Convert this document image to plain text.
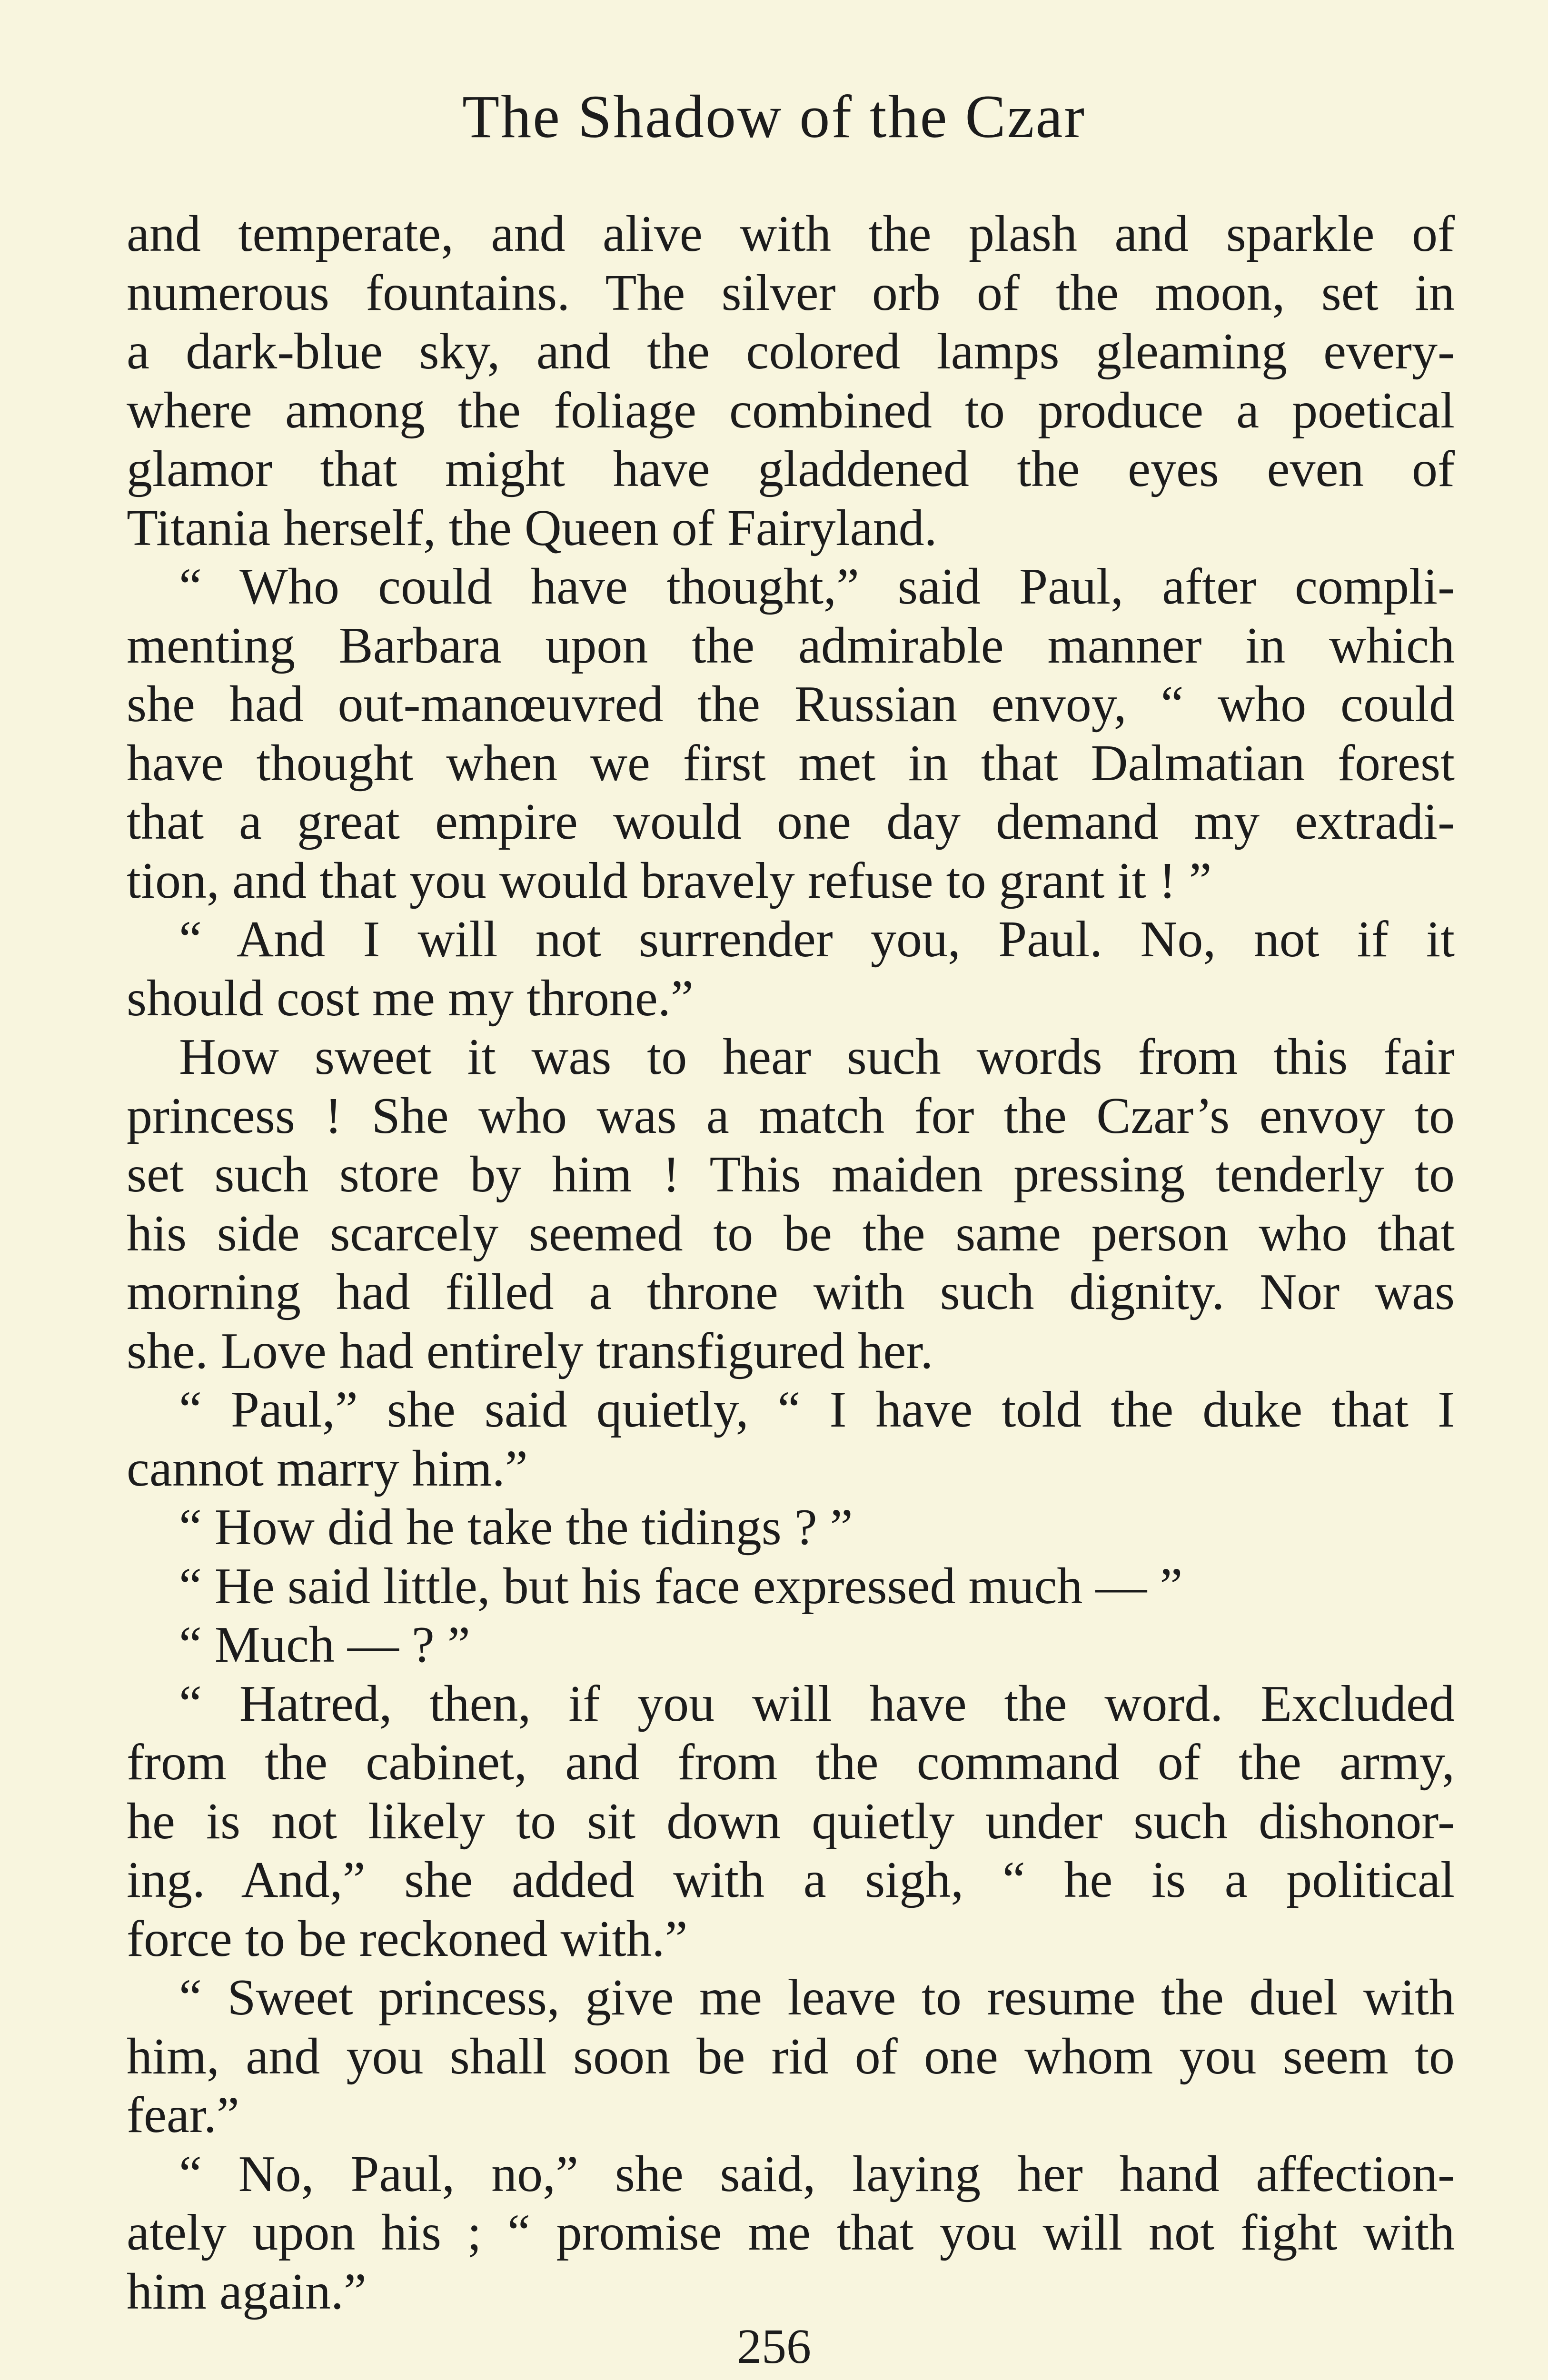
The Shadow of the Czar
and temperate, and alive with the plash and sparkle of
numerous fountains. The silver orb of the moon, set in
a dark-blue sky, and the colored lamps gleaming every-
where among the foliage combined to produce a poetical
glamor that might have gladdened the eyes even of
Titania herself, the Queen of Fairyland.
“ Who could have thought,” said Paul, after compli-
menting Barbara upon the admirable manner in which
she had out-manœuvred the Russian envoy, “ who could
have thought when we first met in that Dalmatian forest
that a great empire would one day demand my extradi-
tion, and that you would bravely refuse to grant it ! ”
“ And I will not surrender you, Paul. No, not if it
should cost me my throne.”
How sweet it was to hear such words from this fair
princess ! She who was a match for the Czar’s envoy to
set such store by him ! This maiden pressing tenderly to
his side scarcely seemed to be the same person who that
morning had filled a throne with such dignity. Nor was
she. Love had entirely transfigured her.
“ Paul,” she said quietly, “ I have told the duke that I
cannot marry him.”
“ How did he take the tidings ? ”
“ He said little, but his face expressed much — ”
“ Much — ? ”
“ Hatred, then, if you will have the word. Excluded
from the cabinet, and from the command of the army,
he is not likely to sit down quietly under such dishonor-
ing. And,” she added with a sigh, “ he is a political
force to be reckoned with.”
“ Sweet princess, give me leave to resume the duel with
him, and you shall soon be rid of one whom you seem to
fear.”
“ No, Paul, no,” she said, laying her hand affection-
ately upon his ; “ promise me that you will not fight with
him again.”
256
